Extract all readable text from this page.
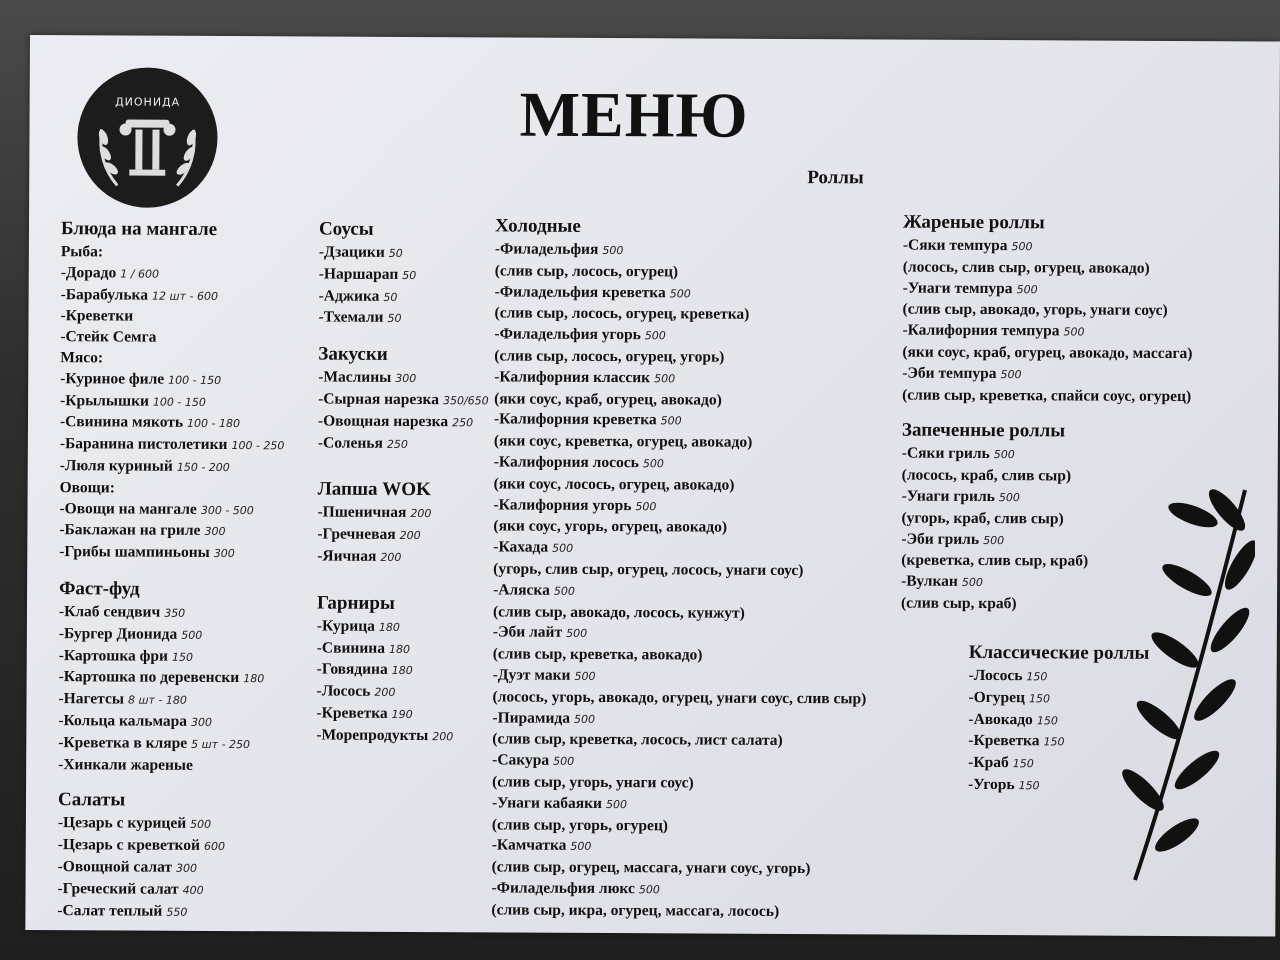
ДИОНИДА	МЕНЮ
Роллы
Блюда на мангале
Рыба:
-Дорадо 1 / 600
-Барабулька 12 шт - 600
-Креветки
-Стейк Семга
Мясо:
-Куриное филе 100 - 150
-Крылышки 100 - 150
-Свинина мякоть 100 - 180
-Баранина пистолетики 100 - 250
-Люля куриный 150 - 200
Овощи:
-Овощи на мангале 300 - 500
-Баклажан на гриле 300
-Грибы шампиньоны 300
Фаст-фуд
-Клаб сендвич 350
-Бургер Дионида 500
-Картошка фри 150
-Картошка по деревенски 180
-Нагетсы 8 шт - 180
-Кольца кальмара 300
-Креветка в кляре 5 шт - 250
-Хинкали жареные
Салаты
-Цезарь с курицей 500
-Цезарь с креветкой 600
-Овощной салат 300
-Греческий салат 400
-Салат теплый 550
Соусы
-Дзацики 50
-Наршарап 50
-Аджика 50
-Тхемали 50
Закуски
-Маслины 300
-Сырная нарезка 350/650
-Овощная нарезка 250
-Соленья 250
Лапша WOK
-Пшеничная 200
-Гречневая 200
-Яичная 200
Гарниры
-Курица 180
-Свинина 180
-Говядина 180
-Лосось 200
-Креветка 190
-Морепродукты 200
Холодные
-Филадельфия 500
(слив сыр, лосось, огурец)
-Филадельфия креветка 500
(слив сыр, лосось, огурец, креветка)
-Филадельфия угорь 500
(слив сыр, лосось, огурец, угорь)
-Калифорния классик 500
(яки соус, краб, огурец, авокадо)
-Калифорния креветка 500
(яки соус, креветка, огурец, авокадо)
-Калифорния лосось 500
(яки соус, лосось, огурец, авокадо)
-Калифорния угорь 500
(яки соус, угорь, огурец, авокадо)
-Кахада 500
(угорь, слив сыр, огурец, лосось, унаги соус)
-Аляска 500
(слив сыр, авокадо, лосось, кунжут)
-Эби лайт 500
(слив сыр, креветка, авокадо)
-Дуэт маки 500
(лосось, угорь, авокадо, огурец, унаги соус, слив сыр)
-Пирамида 500
(слив сыр, креветка, лосось, лист салата)
-Сакура 500
(слив сыр, угорь, унаги соус)
-Унаги кабаяки 500
(слив сыр, угорь, огурец)
-Камчатка 500
(слив сыр, огурец, массага, унаги соус, угорь)
-Филадельфия люкс 500
(слив сыр, икра, огурец, массага, лосось)
Жареные роллы
-Сяки темпура 500
(лосось, слив сыр, огурец, авокадо)
-Унаги темпура 500
(слив сыр, авокадо, угорь, унаги соус)
-Калифорния темпура 500
(яки соус, краб, огурец, авокадо, массага)
-Эби темпура 500
(слив сыр, креветка, спайси соус, огурец)
Запеченные роллы
-Сяки гриль 500
(лосось, краб, слив сыр)
-Унаги гриль 500
(угорь, краб, слив сыр)
-Эби гриль 500
(креветка, слив сыр, краб)
-Вулкан 500
(слив сыр, краб)
Классические роллы
-Лосось 150
-Огурец 150
-Авокадо 150
-Креветка 150
-Краб 150
-Угорь 150
